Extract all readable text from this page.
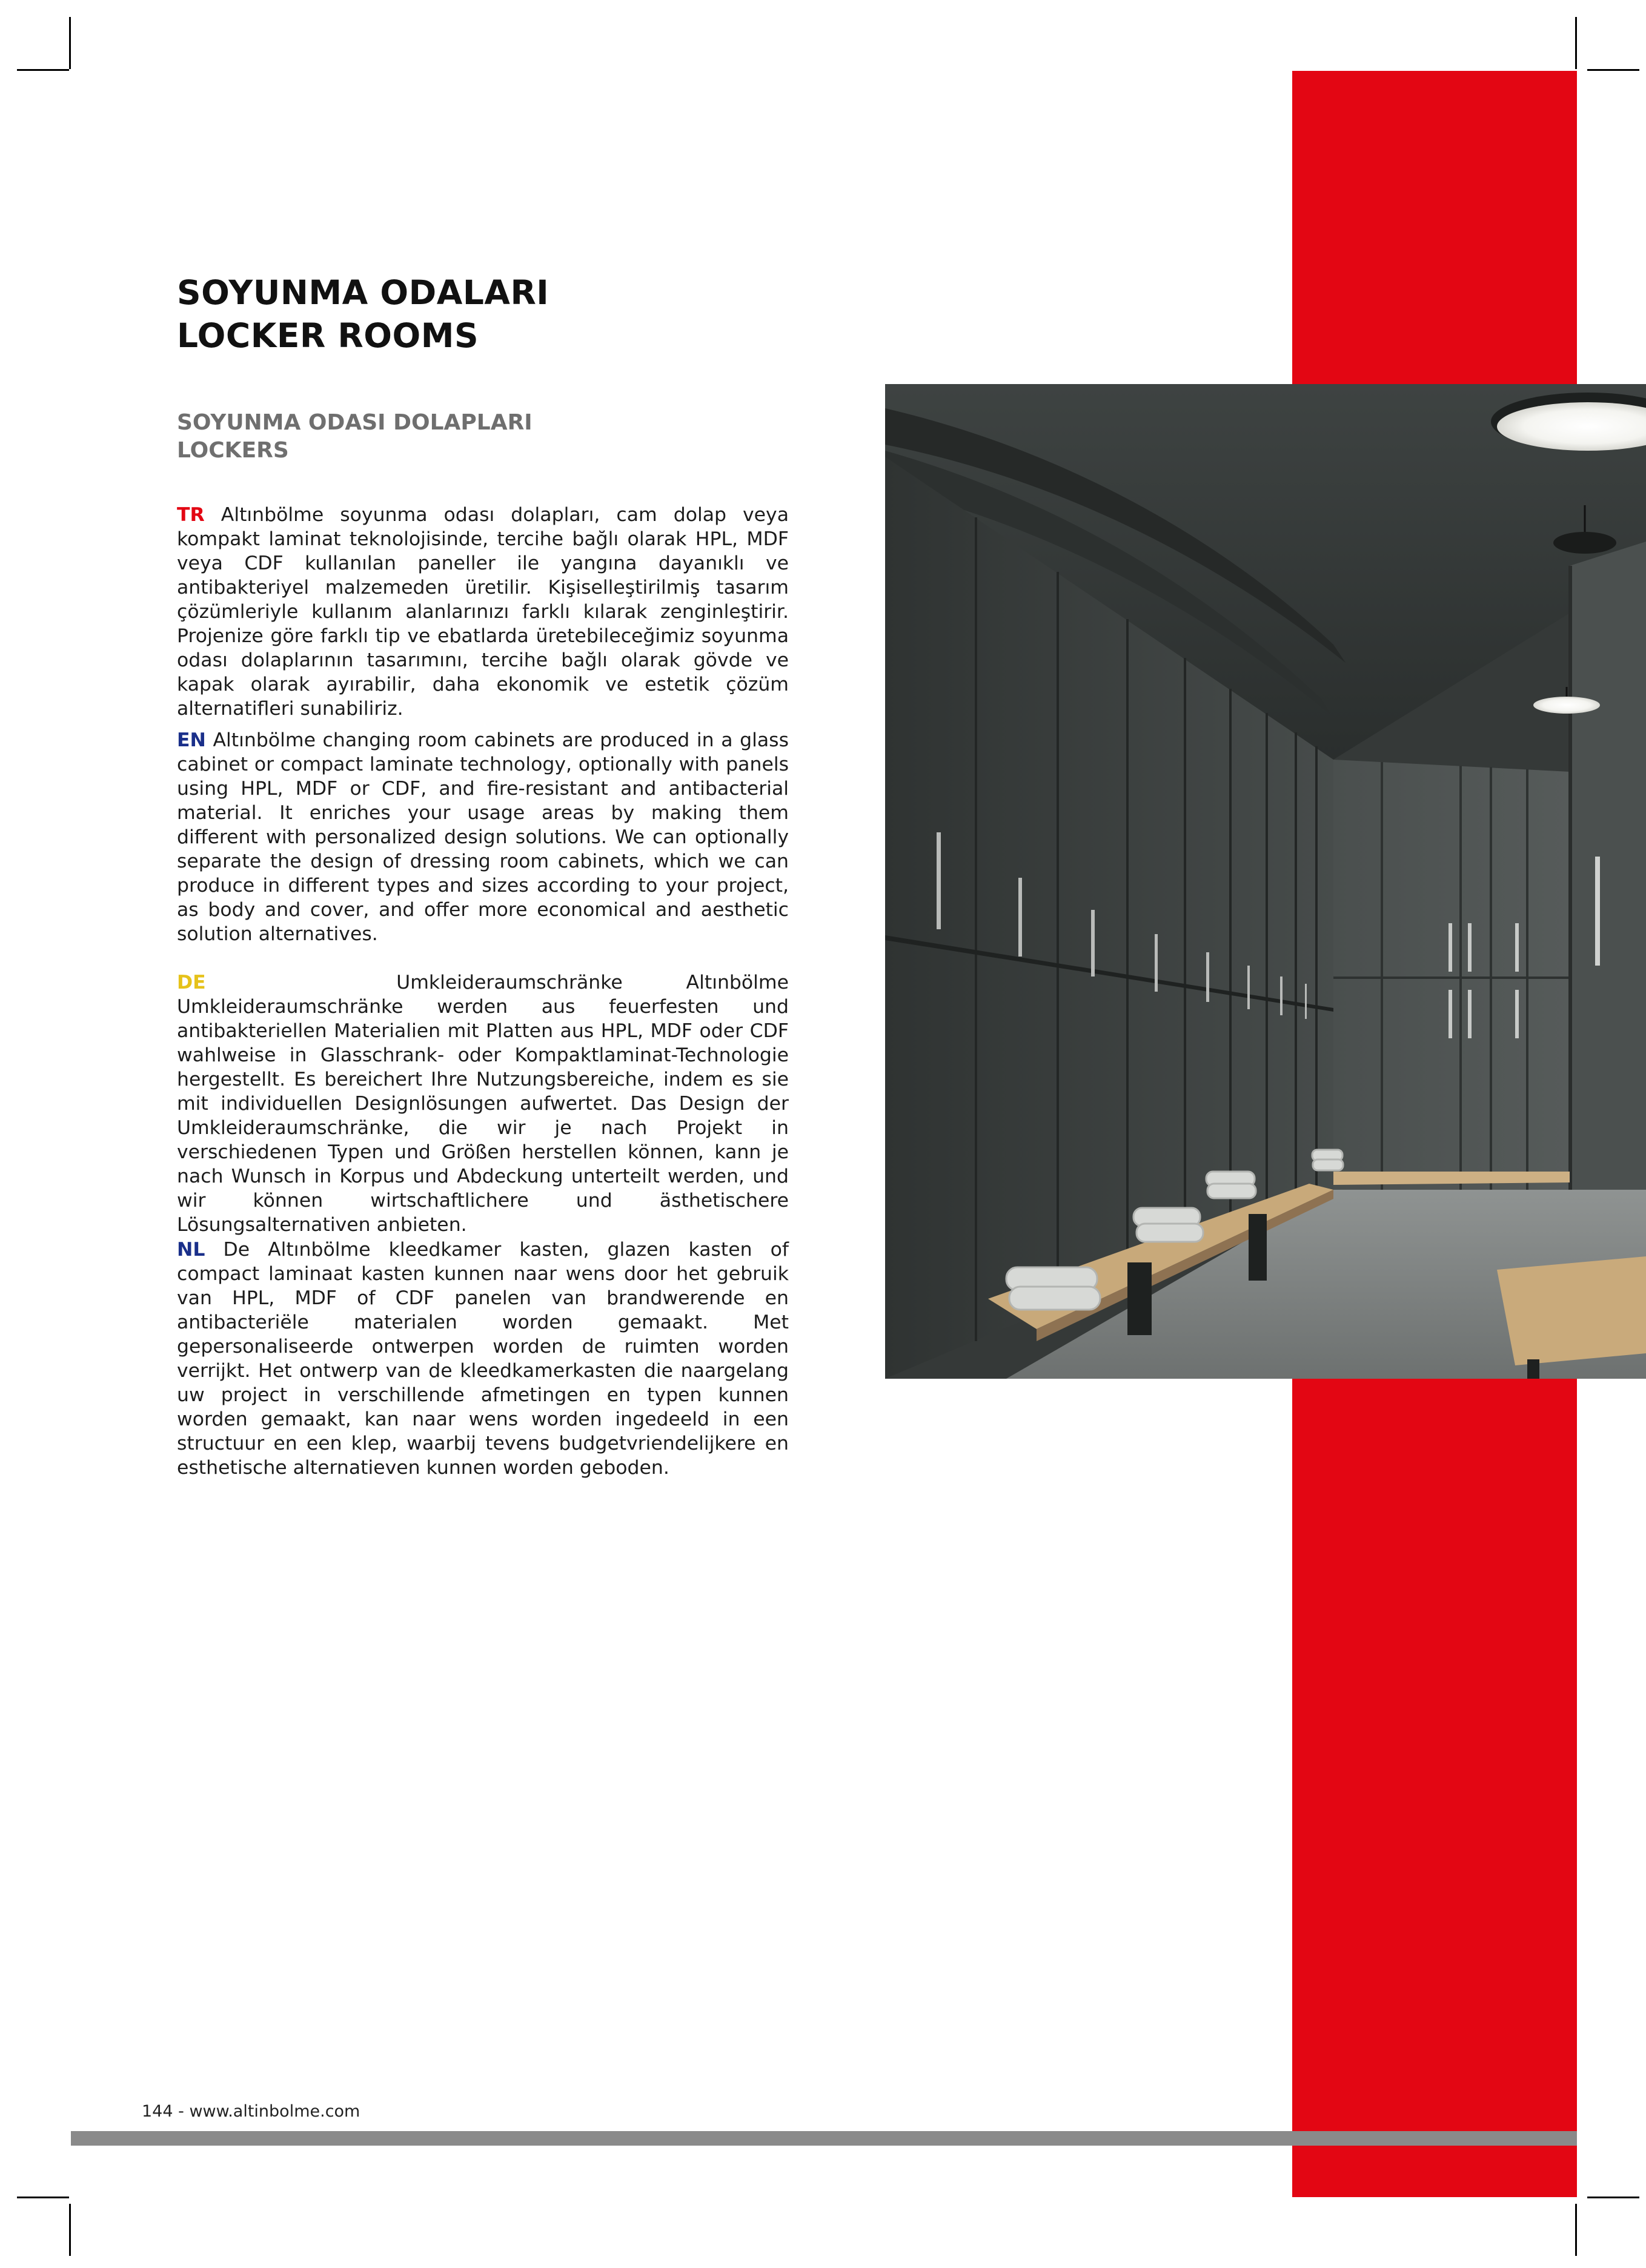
SOYUNMA ODALARI
LOCKER ROOMS
SOYUNMA ODASI DOLAPLARI
LOCKERS
TR Altınbölme soyunma odası dolapları, cam dolap veya kompakt laminat teknolojisinde, tercihe bağlı olarak HPL, MDF veya CDF kullanılan paneller ile yangına dayanıklı ve antibakteriyel malzemeden üretilir. Kişiselleştirilmiş tasarım çözümleriyle kullanım alanlarınızı farklı kılarak zenginleştirir. Projenize göre farklı tip ve ebatlarda üretebileceğimiz soyunma odası dolaplarının tasarımını, tercihe bağlı olarak gövde ve kapak olarak ayırabilir, daha ekonomik ve estetik çözüm alternatifleri sunabiliriz.
EN Altınbölme changing room cabinets are produced in a glass cabinet or compact laminate technology, optionally with panels using HPL, MDF or CDF, and fire-resistant and antibacterial material. It enriches your usage areas by making them different with personalized design solutions. We can optionally separate the design of dressing room cabinets, which we can produce in different types and sizes according to your project, as body and cover, and offer more economical and aesthetic solution alternatives.
DE	Umkleideraumschränke Altınbölme Umkleideraumschränke werden aus feuerfesten und antibakteriellen Materialien mit Platten aus HPL, MDF oder CDF wahlweise in Glasschrank- oder Kompaktlaminat-Technologie hergestellt. Es bereichert Ihre Nutzungsbereiche, indem es sie mit individuellen Designlösungen aufwertet. Das Design der Umkleideraumschränke, die wir je nach Projekt in verschiedenen Typen und Größen herstellen können, kann je nach Wunsch in Korpus und Abdeckung unterteilt werden, und wir können wirtschaftlichere und ästhetischere Lösungsalternativen anbieten.
NL De Altınbölme kleedkamer kasten, glazen kasten of compact laminaat kasten kunnen naar wens door het gebruik van HPL, MDF of CDF panelen van brandwerende en antibacteriële materialen worden gemaakt. Met gepersonaliseerde ontwerpen worden de ruimten worden verrijkt. Het ontwerp van de kleedkamerkasten die naargelang uw project in verschillende afmetingen en typen kunnen worden gemaakt, kan naar wens worden ingedeeld in een structuur en een klep, waarbij tevens budgetvriendelijkere en esthetische alternatieven kunnen worden geboden.
144 - www.altinbolme.com
